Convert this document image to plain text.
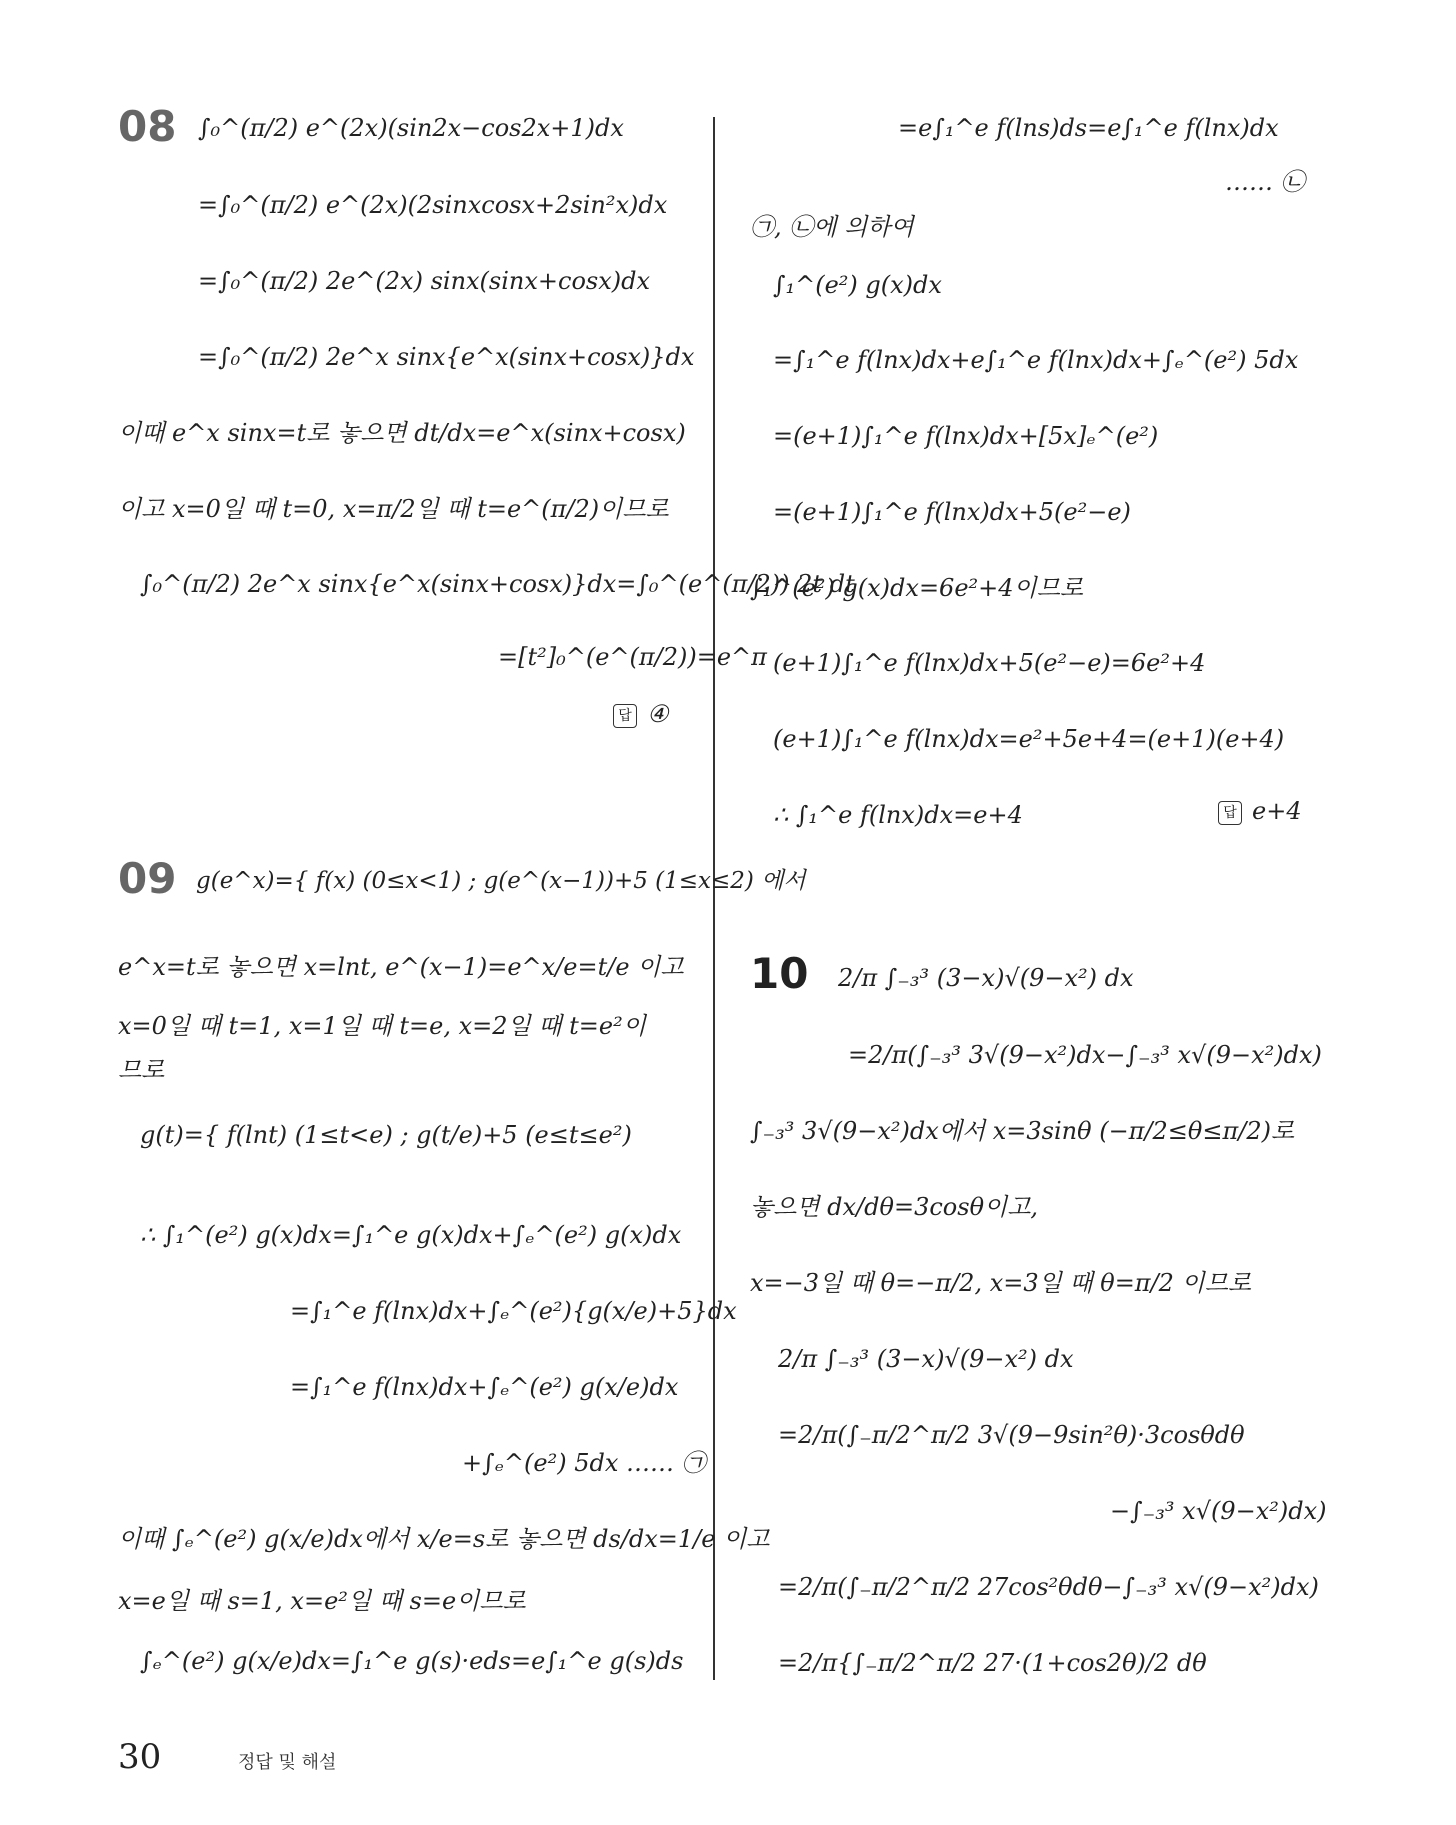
08 ∫₀^(π/2) e^(2x)(sin2x−cos2x+1)dx
=∫₀^(π/2) e^(2x)(2sinxcosx+2sin²x)dx
=∫₀^(π/2) 2e^(2x) sinx(sinx+cosx)dx
=∫₀^(π/2) 2e^x sinx{e^x(sinx+cosx)}dx
이때 e^x sinx=t로 놓으면 dt/dx=e^x(sinx+cosx)
이고 x=0일 때 t=0, x=π/2일 때 t=e^(π/2)이므로
∫₀^(π/2) 2e^x sinx{e^x(sinx+cosx)}dx=∫₀^(e^(π/2)) 2t dt
=[t²]₀^(e^(π/2))=e^π
답 ④
09 g(e^x)={ f(x) (0≤x<1) ; g(e^(x−1))+5 (1≤x≤2) 에서
e^x=t로 놓으면 x=lnt, e^(x−1)=e^x/e=t/e 이고
x=0일 때 t=1, x=1일 때 t=e, x=2일 때 t=e²이
므로
g(t)={ f(lnt) (1≤t<e) ; g(t/e)+5 (e≤t≤e²)
∴ ∫₁^(e²) g(x)dx=∫₁^e g(x)dx+∫ₑ^(e²) g(x)dx
=∫₁^e f(lnx)dx+∫ₑ^(e²){g(x/e)+5}dx
=∫₁^e f(lnx)dx+∫ₑ^(e²) g(x/e)dx
+∫ₑ^(e²) 5dx …… ㉠
이때 ∫ₑ^(e²) g(x/e)dx에서 x/e=s로 놓으면 ds/dx=1/e 이고
x=e일 때 s=1, x=e²일 때 s=e이므로
∫ₑ^(e²) g(x/e)dx=∫₁^e g(s)·eds=e∫₁^e g(s)ds
=e∫₁^e f(lns)ds=e∫₁^e f(lnx)dx
…… ㉡
㉠, ㉡에 의하여
∫₁^(e²) g(x)dx
=∫₁^e f(lnx)dx+e∫₁^e f(lnx)dx+∫ₑ^(e²) 5dx
=(e+1)∫₁^e f(lnx)dx+[5x]ₑ^(e²)
=(e+1)∫₁^e f(lnx)dx+5(e²−e)
∫₁^(e²) g(x)dx=6e²+4이므로
(e+1)∫₁^e f(lnx)dx+5(e²−e)=6e²+4
(e+1)∫₁^e f(lnx)dx=e²+5e+4=(e+1)(e+4)
∴ ∫₁^e f(lnx)dx=e+4	답 e+4
10 2/π ∫₋₃³ (3−x)√(9−x²) dx
=2/π(∫₋₃³ 3√(9−x²)dx−∫₋₃³ x√(9−x²)dx)
∫₋₃³ 3√(9−x²)dx에서 x=3sinθ (−π/2≤θ≤π/2)로
놓으면 dx/dθ=3cosθ이고,
x=−3일 때 θ=−π/2, x=3일 때 θ=π/2 이므로
2/π ∫₋₃³ (3−x)√(9−x²) dx
=2/π(∫₋π/2^π/2 3√(9−9sin²θ)·3cosθdθ
−∫₋₃³ x√(9−x²)dx)
=2/π(∫₋π/2^π/2 27cos²θdθ−∫₋₃³ x√(9−x²)dx)
=2/π{∫₋π/2^π/2 27·(1+cos2θ)/2 dθ
30	정답 및 해설
